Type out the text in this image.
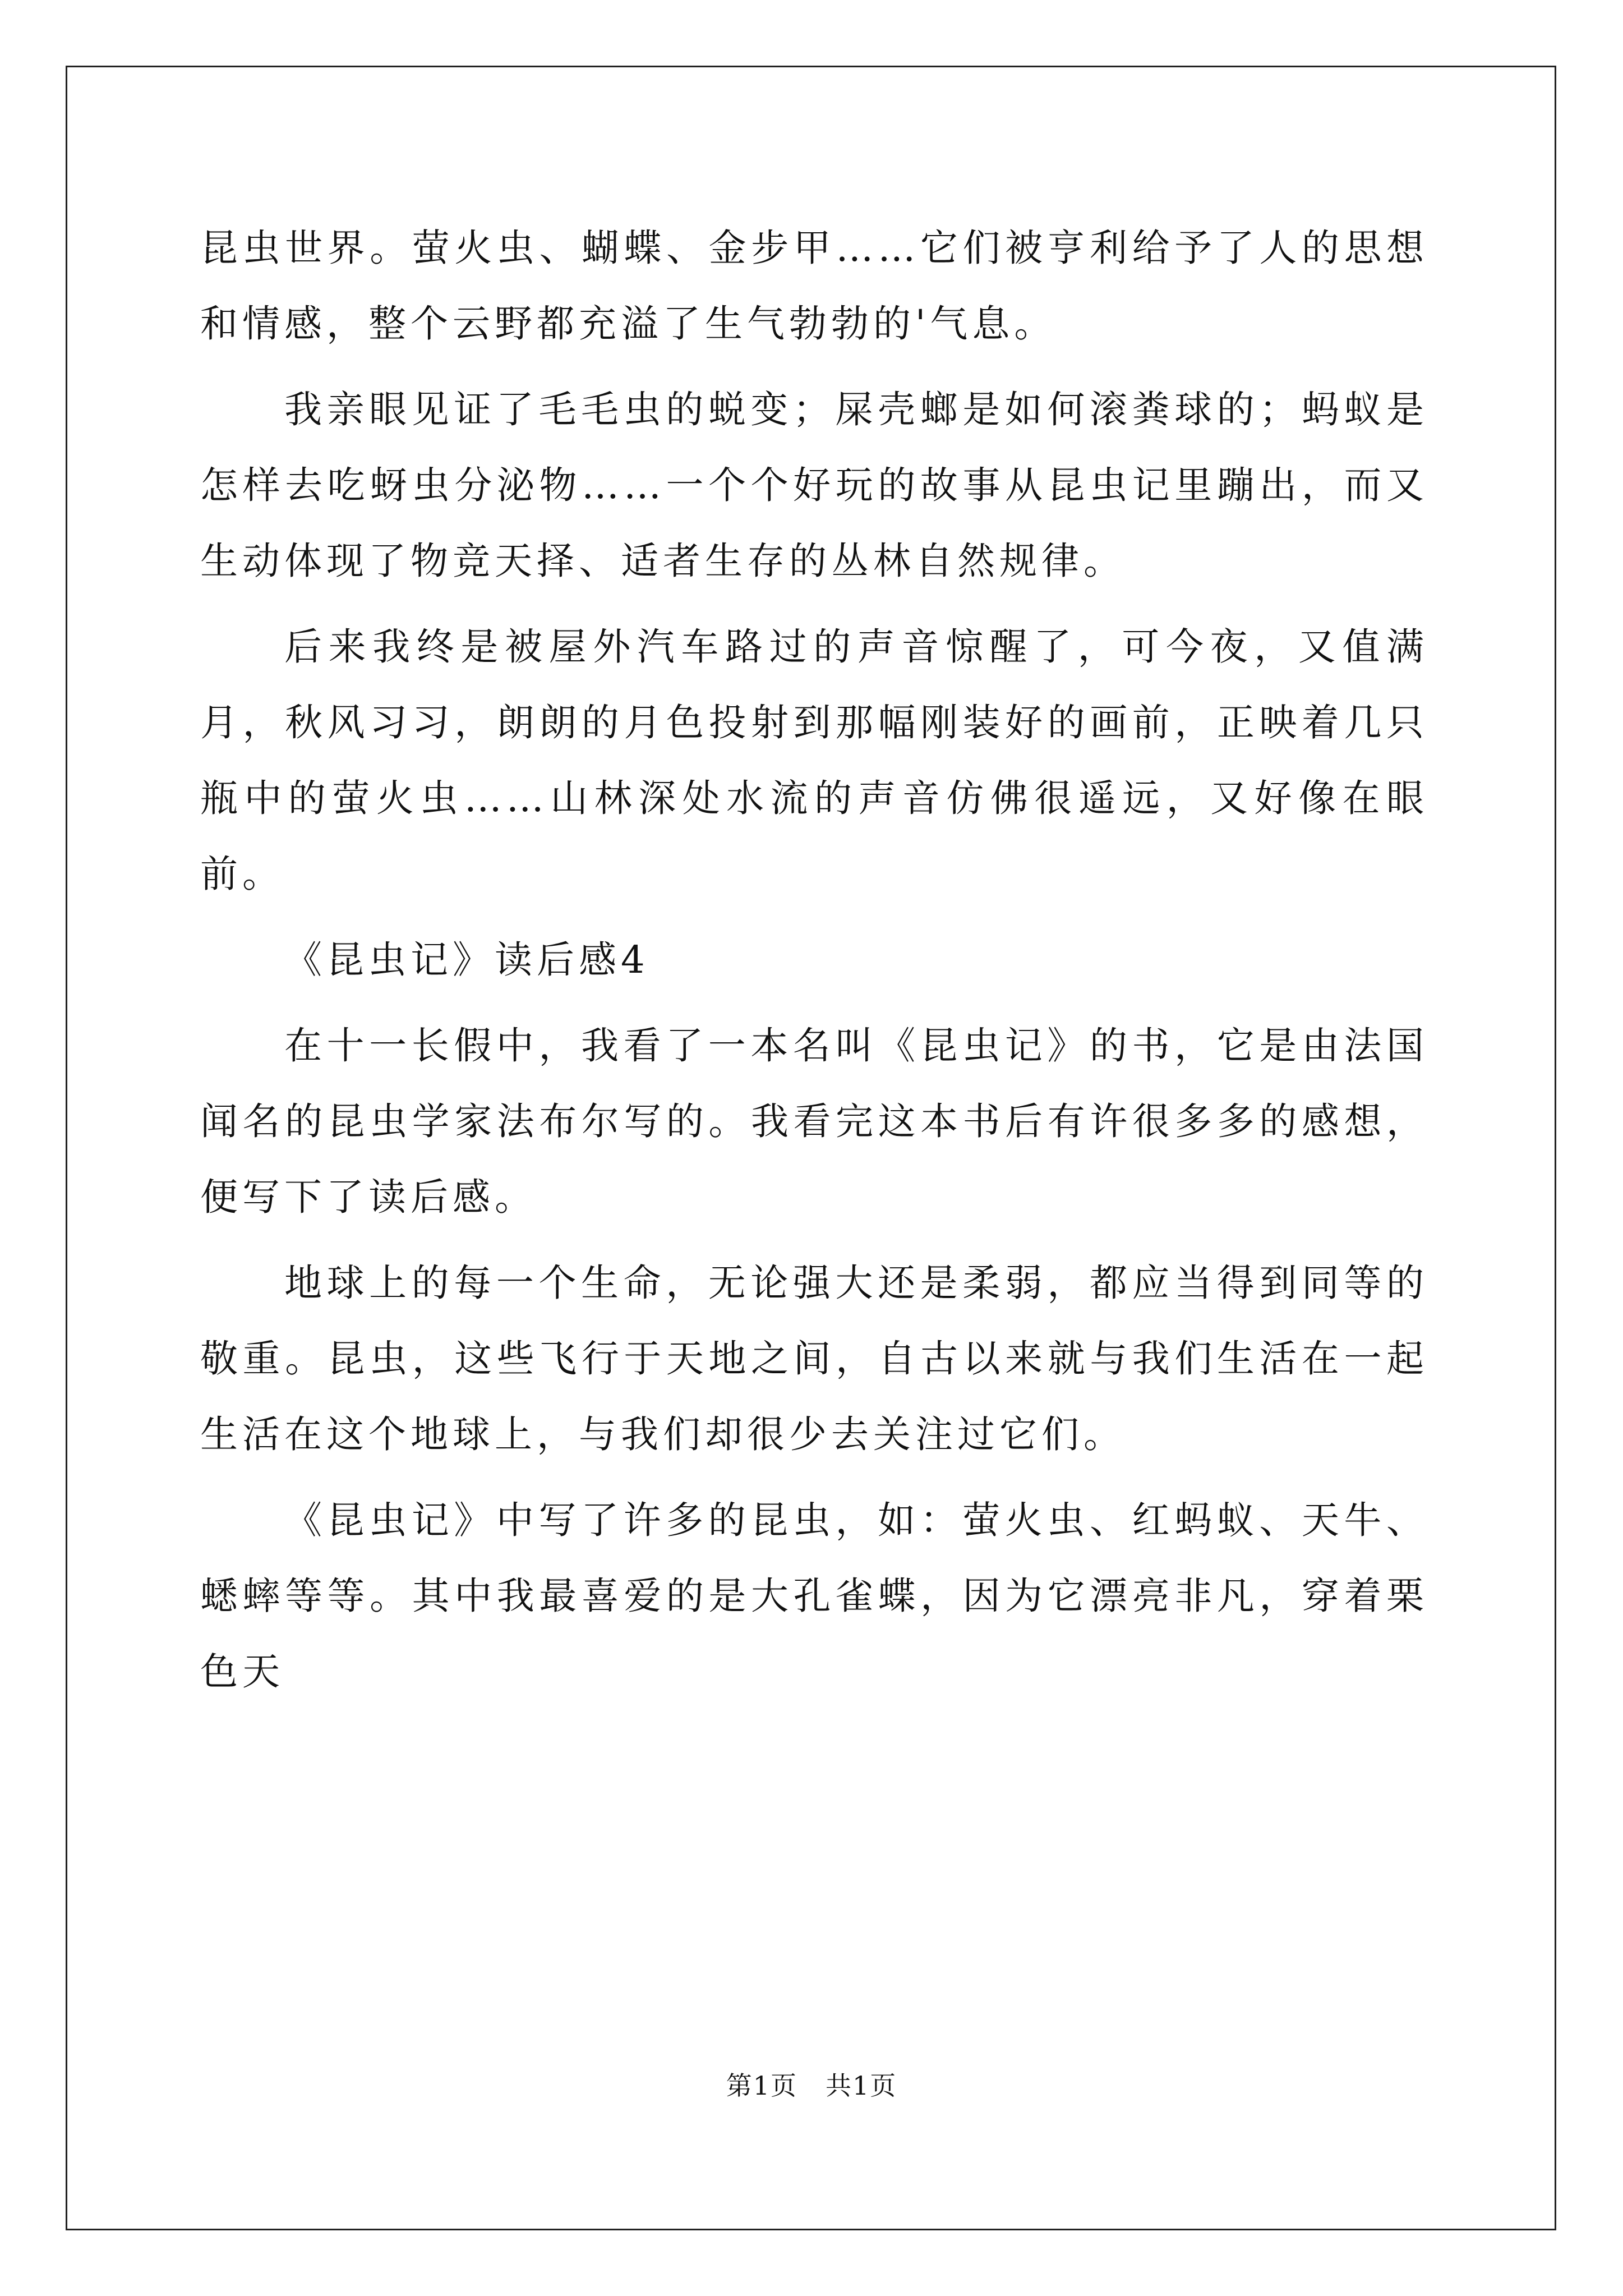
昆虫世界。萤火虫、蝴蝶、金步甲……它们被亨利给予了人的思想和情感，整个云野都充溢了生气勃勃的'气息。

我亲眼见证了毛毛虫的蜕变；屎壳螂是如何滚粪球的；蚂蚁是怎样去吃蚜虫分泌物……一个个好玩的故事从昆虫记里蹦出，而又生动体现了物竞天择、适者生存的丛林自然规律。

后来我终是被屋外汽车路过的声音惊醒了，可今夜，又值满月，秋风习习，朗朗的月色投射到那幅刚装好的画前，正映着几只瓶中的萤火虫……山林深处水流的声音仿佛很遥远，又好像在眼前。

《昆虫记》读后感4

在十一长假中，我看了一本名叫《昆虫记》的书，它是由法国闻名的昆虫学家法布尔写的。我看完这本书后有许很多多的感想，便写下了读后感。

地球上的每一个生命，无论强大还是柔弱，都应当得到同等的敬重。昆虫，这些飞行于天地之间，自古以来就与我们生活在一起生活在这个地球上，与我们却很少去关注过它们。

《昆虫记》中写了许多的昆虫，如：萤火虫、红蚂蚁、天牛、蟋蟀等等。其中我最喜爱的是大孔雀蝶，因为它漂亮非凡，穿着栗色天

第1页 共1页
